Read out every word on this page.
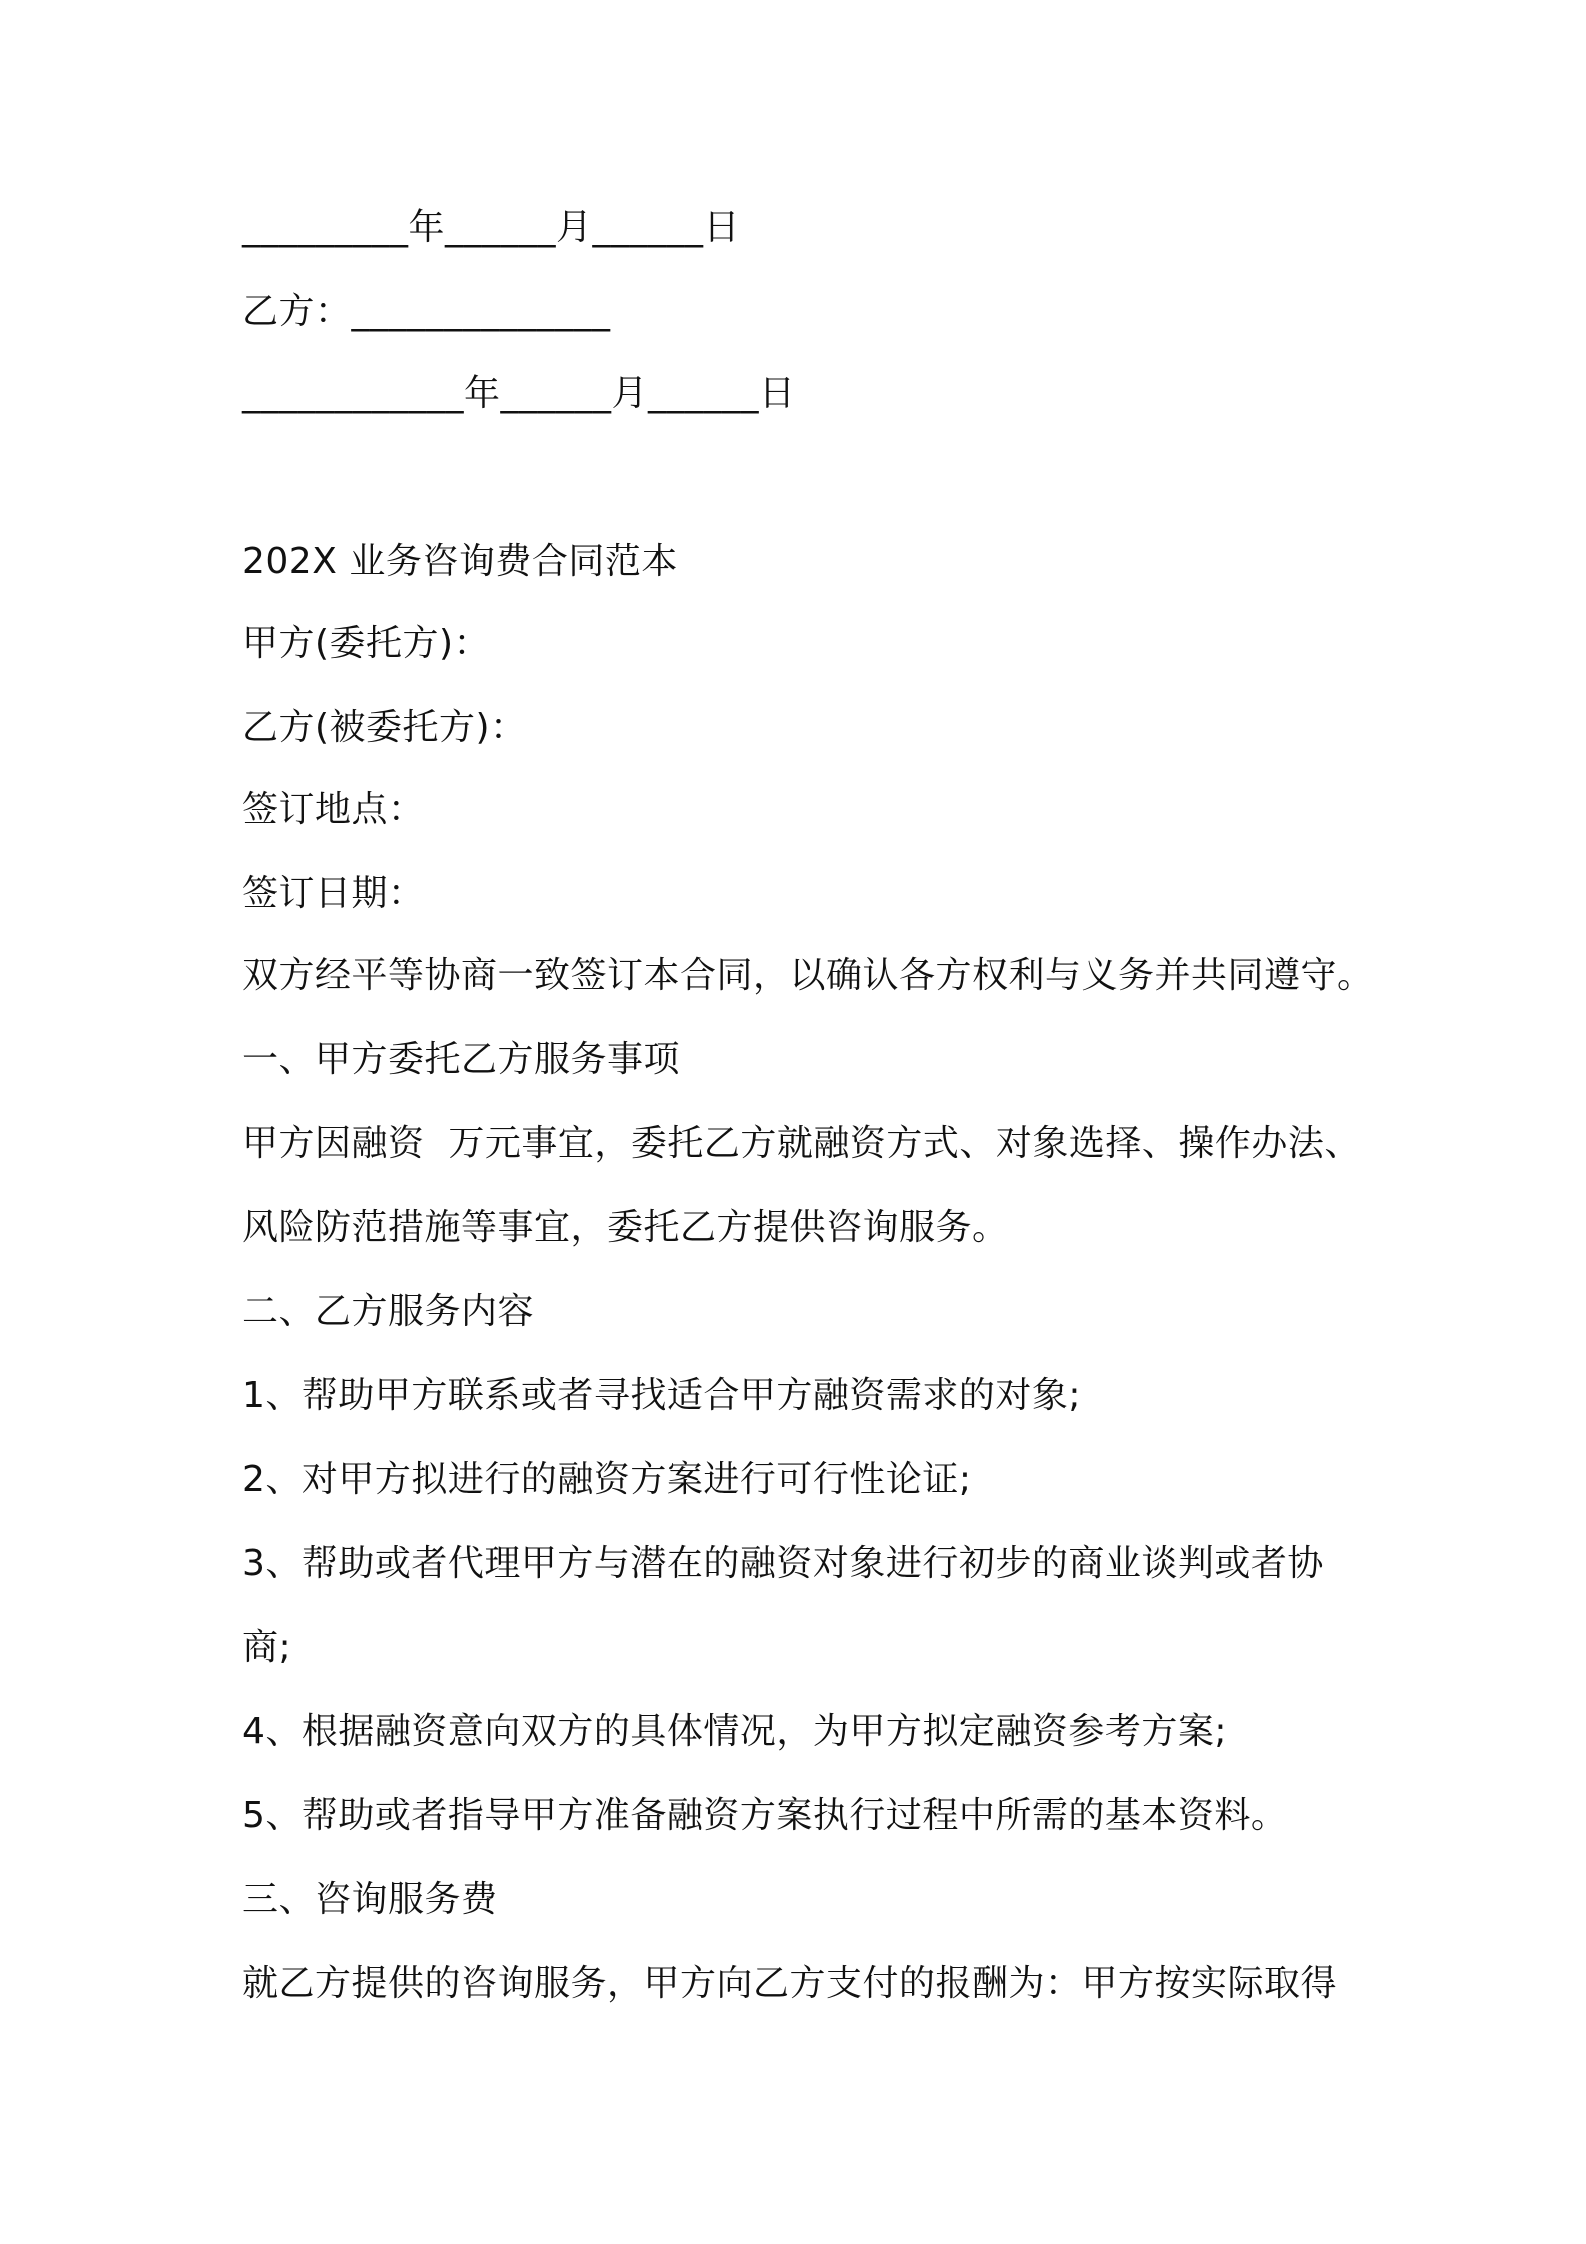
_________年______月______日
乙方：______________
____________年______月______日
202X 业务咨询费合同范本
甲方(委托方)：
乙方(被委托方)：
签订地点：
签订日期：
双方经平等协商一致签订本合同，以确认各方权利与义务并共同遵守。
一、甲方委托乙方服务事项
甲方因融资  万元事宜，委托乙方就融资方式、对象选择、操作办法、
风险防范措施等事宜，委托乙方提供咨询服务。
二、乙方服务内容
1、帮助甲方联系或者寻找适合甲方融资需求的对象;
2、对甲方拟进行的融资方案进行可行性论证;
3、帮助或者代理甲方与潜在的融资对象进行初步的商业谈判或者协
商;
4、根据融资意向双方的具体情况，为甲方拟定融资参考方案;
5、帮助或者指导甲方准备融资方案执行过程中所需的基本资料。
三、咨询服务费
就乙方提供的咨询服务，甲方向乙方支付的报酬为：甲方按实际取得
